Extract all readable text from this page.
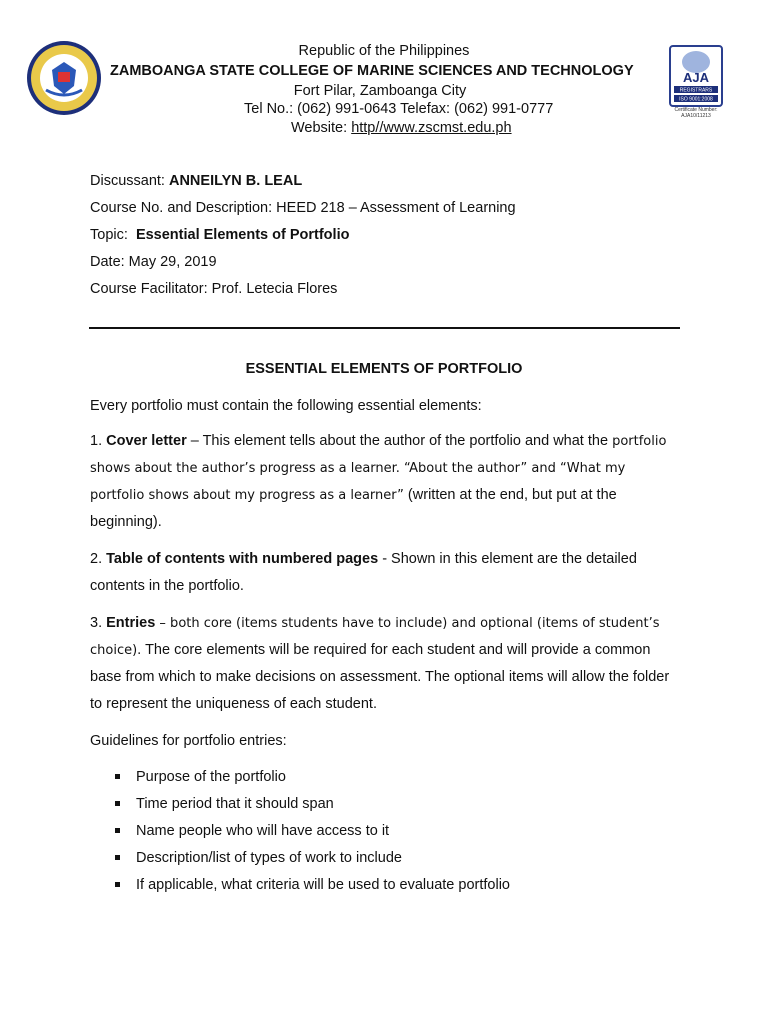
AJA
REGISTRARS
ISO 9001:2008
Certificate Number:
AJA10/11213
Republic of the Philippines
ZAMBOANGA STATE COLLEGE OF MARINE SCIENCES AND TECHNOLOGY
Fort Pilar, Zamboanga City
Tel No.: (062) 991-0643 Telefax: (062) 991-0777
Website: http//www.zscmst.edu.ph
Discussant: ANNEILYN B. LEAL
Course No. and Description: HEED 218 – Assessment of Learning
Topic:  Essential Elements of Portfolio
Date: May 29, 2019
Course Facilitator: Prof. Letecia Flores
ESSENTIAL ELEMENTS OF PORTFOLIO
Every portfolio must contain the following essential elements:
1. Cover letter – This element tells about the author of the portfolio and what the portfolio shows about the author’s progress as a learner. “About the author” and “What my portfolio shows about my progress as a learner” (written at the end, but put at the beginning).
2. Table of contents with numbered pages - Shown in this element are the detailed contents in the portfolio.
3. Entries – both core (items students have to include) and optional (items of student’s choice). The core elements will be required for each student and will provide a common base from which to make decisions on assessment. The optional items will allow the folder to represent the uniqueness of each student.
Guidelines for portfolio entries:
Purpose of the portfolio
Time period that it should span
Name people who will have access to it
Description/list of types of work to include
If applicable, what criteria will be used to evaluate portfolio
